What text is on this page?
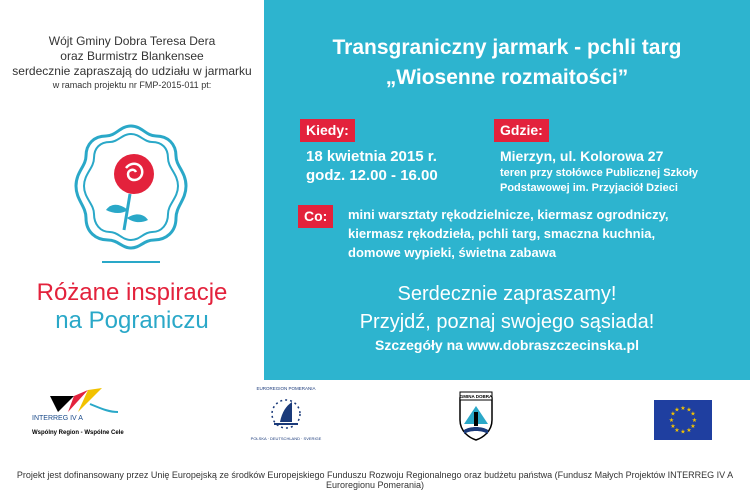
Wójt Gminy Dobra Teresa Dera
oraz Burmistrz Blankensee
serdecznie zapraszają do udziału w jarmarku
w ramach projektu nr FMP-2015-011 pt:
Różane inspiracje
na Pograniczu
Transgraniczny jarmark - pchli targ
„Wiosenne rozmaitości”
Kiedy:
18 kwietnia 2015 r.
godz. 12.00 - 16.00
Gdzie:
Mierzyn, ul. Kolorowa 27
teren przy stołówce Publicznej Szkoły
Podstawowej im. Przyjaciół Dzieci
Co:	mini warsztaty rękodzielnicze, kiermasz ogrodniczy,
kiermasz rękodzieła, pchli targ, smaczna kuchnia,
domowe wypieki, świetna zabawa
Serdecznie zapraszamy!
Przyjdź, poznaj swojego sąsiada!
Szczegóły na www.dobraszczecinska.pl
INTERREG IV A
Wspólny Region - Wspólne Cele
EUROREGION POMERANIA
POLSKA · DEUTSCHLAND · SVERIGE
GMINA DOBRA
★ ★
★
★
★
★
★
★
★
★
★
★
Projekt jest dofinansowany przez Unię Europejską ze środków Europejskiego Funduszu Rozwoju Regionalnego oraz budżetu państwa (Fundusz Małych Projektów INTERREG IV A Euroregionu Pomerania)
